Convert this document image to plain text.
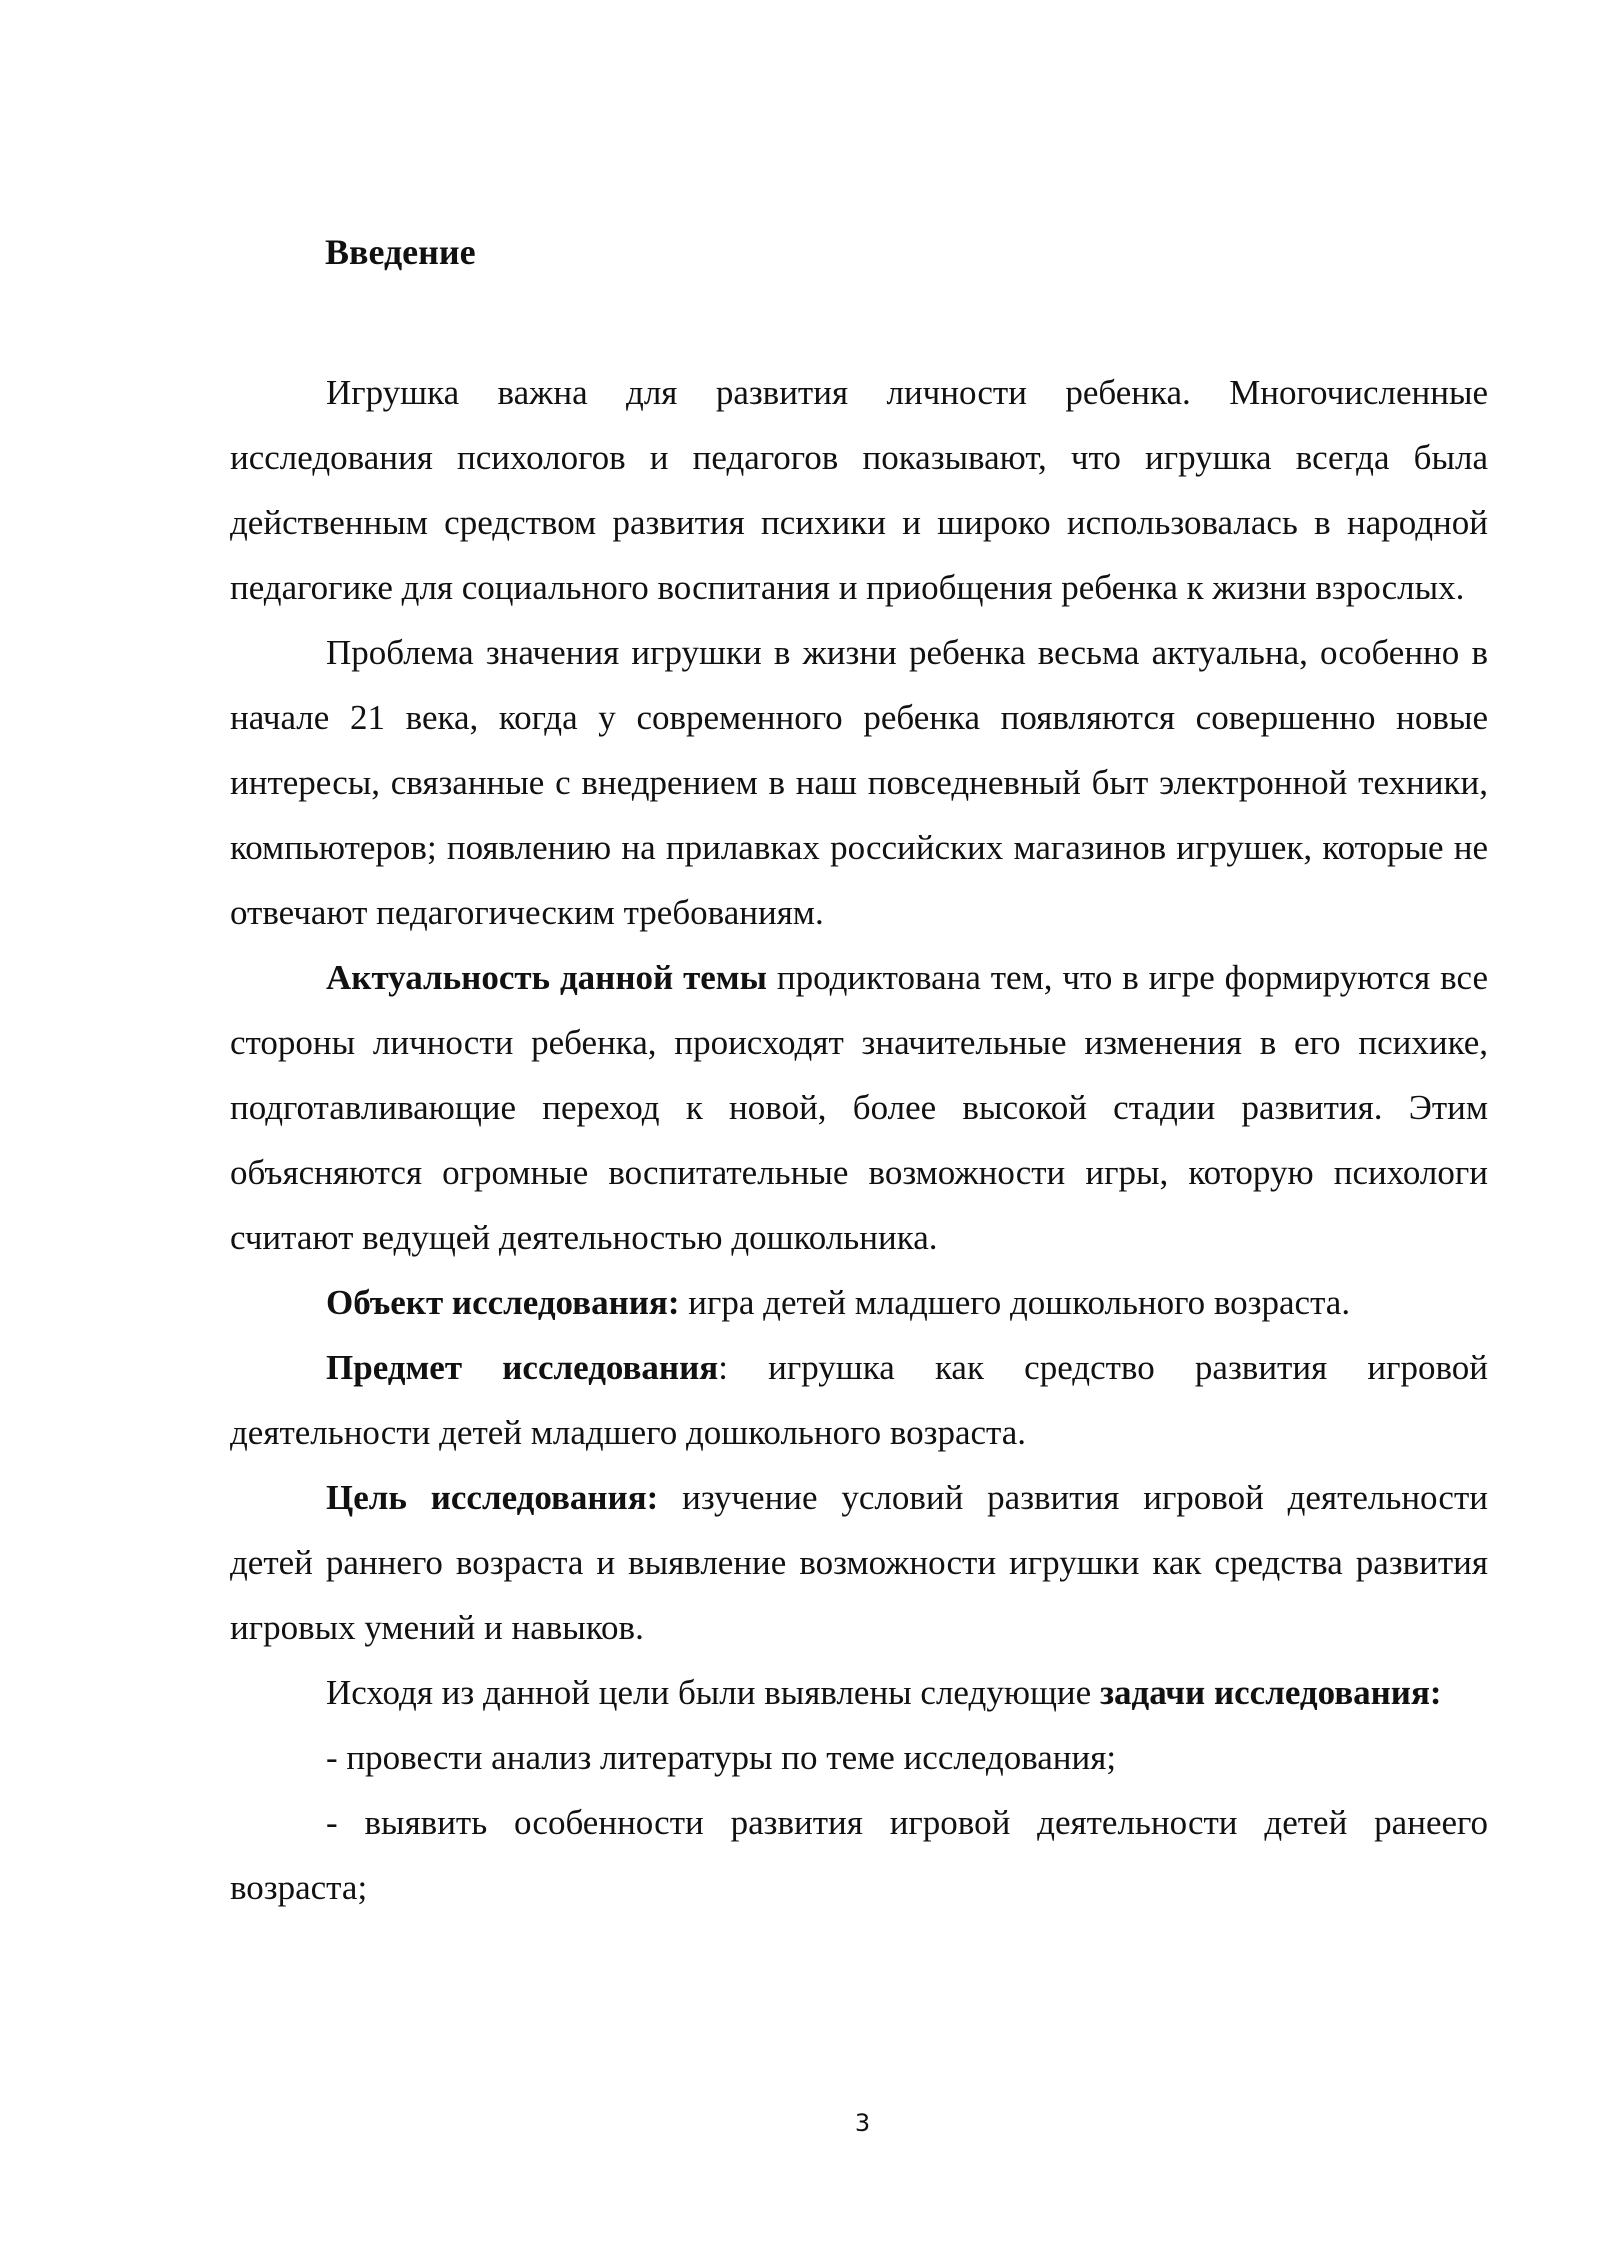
Введение

Игрушка важна для развития личности ребенка. Многочисленные исследования психологов и педагогов показывают, что игрушка всегда была действенным средством развития психики и широко использовалась в народной педагогике для социального воспитания и приобщения ребенка к жизни взрослых.

Проблема значения игрушки в жизни ребенка весьма актуальна, особенно в начале 21 века, когда у современного ребенка появляются совершенно новые интересы, связанные с внедрением в наш повседневный быт электронной техники, компьютеров; появлению на прилавках российских магазинов игрушек, которые не отвечают педагогическим требованиям.

Актуальность данной темы продиктована тем, что в игре формируются все стороны личности ребенка, происходят значительные изменения в его психике, подготавливающие переход к новой, более высокой стадии развития. Этим объясняются огромные воспитательные возможности игры, которую психологи считают ведущей деятельностью дошкольника.

Объект исследования: игра детей младшего дошкольного возраста.

Предмет исследования: игрушка как средство развития игровой деятельности детей младшего дошкольного возраста.

Цель исследования: изучение условий развития игровой деятельности детей раннего возраста и выявление возможности игрушки как средства развития игровых умений и навыков.

Исходя из данной цели были выявлены следующие задачи исследования:

- провести анализ литературы по теме исследования;

- выявить особенности развития игровой деятельности детей ранеего возраста;

3
